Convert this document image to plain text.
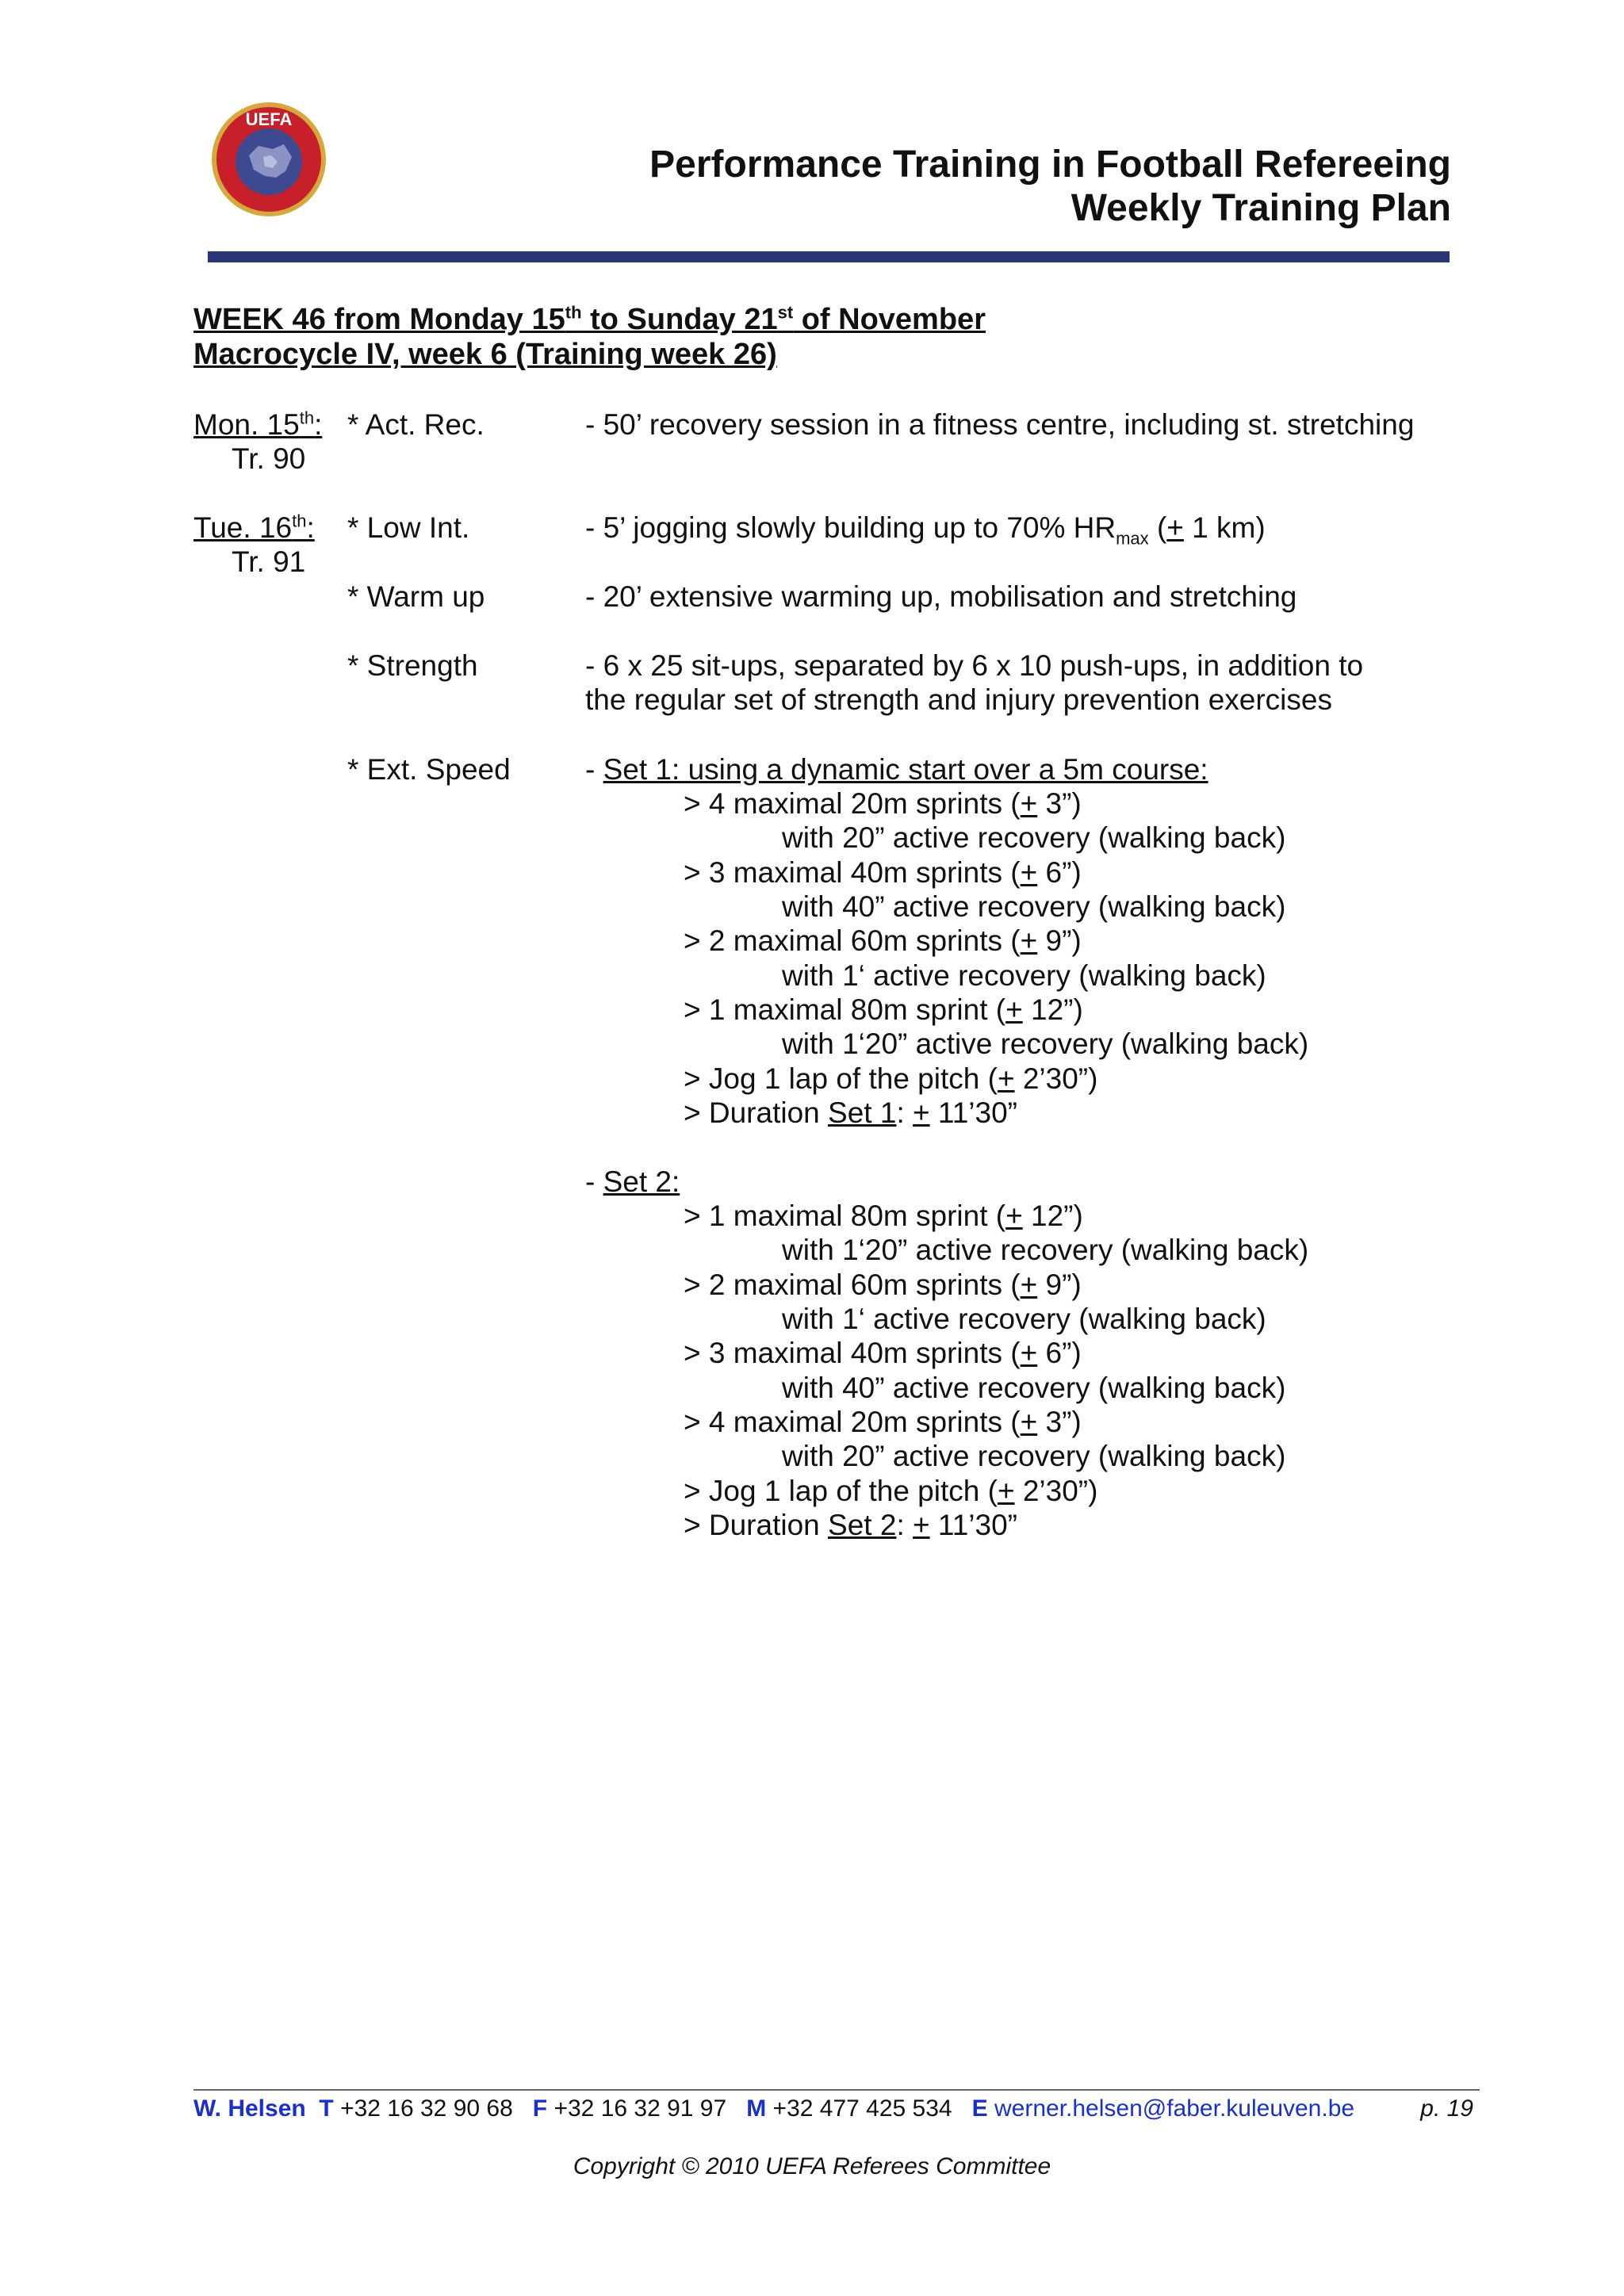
UEFA
Performance Training in Football Refereeing
Weekly Training Plan
WEEK 46 from Monday 15th to Sunday 21st of November
Macrocycle IV, week 6 (Training week 26)
Mon. 15th:
Tr. 90
* Act. Rec.	- 50’ recovery session in a fitness centre, including st. stretching
Tue. 16th:
Tr. 91
* Low Int.	- 5’ jogging slowly building up to 70% $HR_{max}$ (+ 1 km)
* Warm up	- 20’ extensive warming up, mobilisation and stretching
* Strength	- 6 x 25 sit-ups, separated by 6 x 10 push-ups, in addition to
the regular set of strength and injury prevention exercises
* Ext. Speed	- Set 1: using a dynamic start over a 5m course:
> 4 maximal 20m sprints (+ 3”)
with 20” active recovery (walking back)
> 3 maximal 40m sprints (+ 6”)
with 40” active recovery (walking back)
> 2 maximal 60m sprints (+ 9”)
with 1‘ active recovery (walking back)
> 1 maximal 80m sprint (+ 12”)
with 1‘20” active recovery (walking back)
> Jog 1 lap of the pitch (+ 2’30”)
> Duration Set 1: + 11’30”
- Set 2:
> 1 maximal 80m sprint (+ 12”)
with 1‘20” active recovery (walking back)
> 2 maximal 60m sprints (+ 9”)
with 1‘ active recovery (walking back)
> 3 maximal 40m sprints (+ 6”)
with 40” active recovery (walking back)
> 4 maximal 20m sprints (+ 3”)
with 20” active recovery (walking back)
> Jog 1 lap of the pitch (+ 2’30”)
> Duration Set 2: + 11’30”
W. Helsen T +32 16 32 90 68 F +32 16 32 91 97 M +32 477 425 534 E werner.helsen@faber.kuleuven.be	p. 19
Copyright © 2010 UEFA Referees Committee
